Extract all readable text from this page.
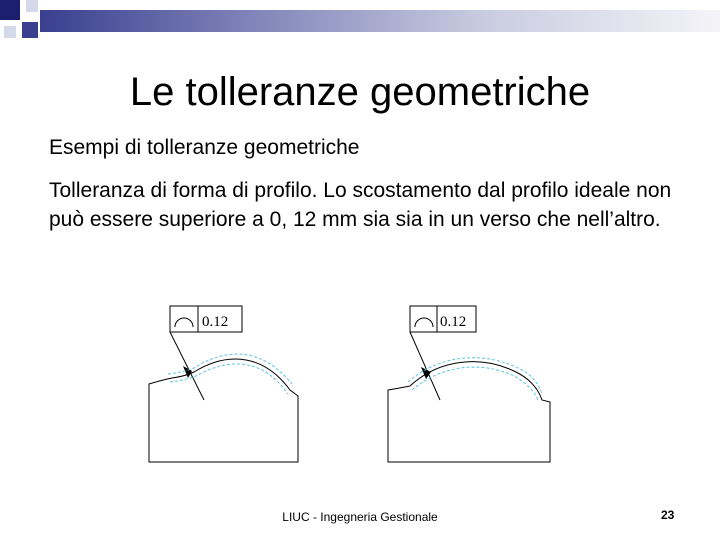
Le tolleranze geometriche
Esempi di tolleranze geometriche
Tolleranza di forma di profilo. Lo scostamento dal profilo ideale non può essere superiore a 0, 12 mm sia sia in un verso che nell’altro.
0.12	0.12
LIUC - Ingegneria Gestionale	23
